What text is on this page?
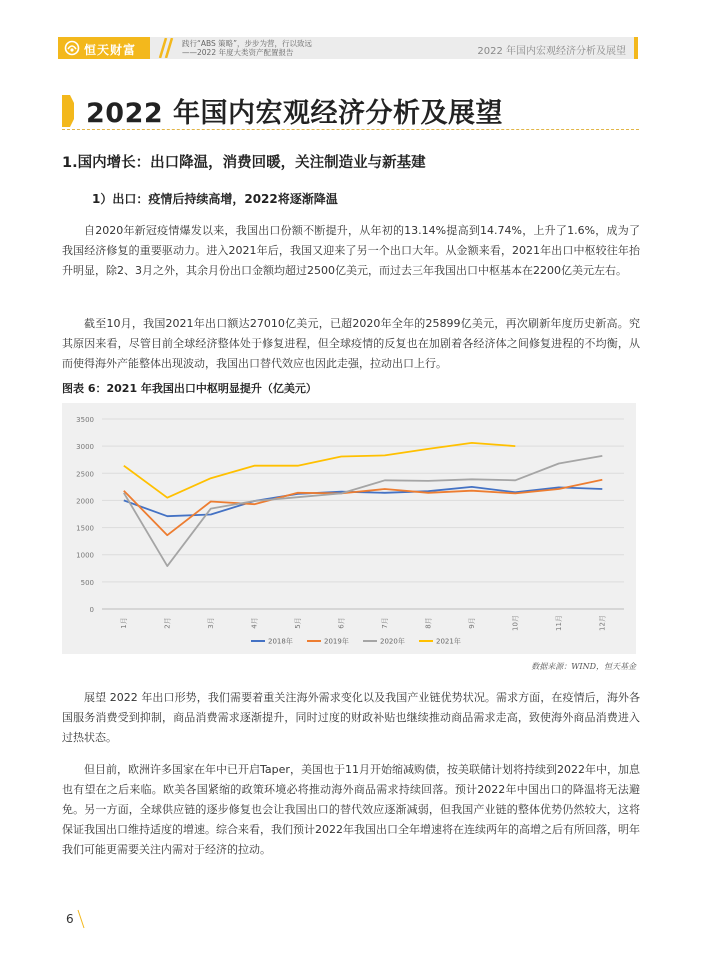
恒天财富	践行“ABS 策略”，步步为营，行以致远
——2022 年度大类资产配置报告	2022 年国内宏观经济分析及展望
2022 年国内宏观经济分析及展望
1.国内增长：出口降温，消费回暖，关注制造业与新基建
1）出口：疫情后持续高增，2022将逐渐降温

自2020年新冠疫情爆发以来，我国出口份额不断提升，从年初的13.14%提高到14.74%，上升了1.6%，成为了我国经济修复的重要驱动力。进入2021年后，我国又迎来了另一个出口大年。从金额来看，2021年出口中枢较往年抬升明显，除2、3月之外，其余月份出口金额均超过2500亿美元，而过去三年我国出口中枢基本在2200亿美元左右。

截至10月，我国2021年出口额达27010亿美元，已超2020年全年的25899亿美元，再次刷新年度历史新高。究其原因来看，尽管目前全球经济整体处于修复进程，但全球疫情的反复也在加剧着各经济体之间修复进程的不均衡，从而使得海外产能整体出现波动，我国出口替代效应也因此走强，拉动出口上行。

图表 6：2021 年我国出口中枢明显提升（亿美元）
0
500
1000
1500
2000
2500
3000
3500
1月	2月	3月	4月	5月	6月	7月	8月	9月	10月	11月	12月
2018年	2019年	2020年	2021年
数据来源：WIND，恒天基金

展望 2022 年出口形势，我们需要着重关注海外需求变化以及我国产业链优势状况。需求方面，在疫情后，海外各国服务消费受到抑制，商品消费需求逐渐提升，同时过度的财政补贴也继续推动商品需求走高，致使海外商品消费进入过热状态。

但目前，欧洲许多国家在年中已开启Taper，美国也于11月开始缩减购债，按美联储计划将持续到2022年中，加息也有望在之后来临。欧美各国紧缩的政策环境必将推动海外商品需求持续回落。预计2022年中国出口的降温将无法避免。另一方面，全球供应链的逐步修复也会让我国出口的替代效应逐渐减弱，但我国产业链的整体优势仍然较大，这将保证我国出口维持适度的增速。综合来看，我们预计2022年我国出口全年增速将在连续两年的高增之后有所回落，明年我们可能更需要关注内需对于经济的拉动。

6
